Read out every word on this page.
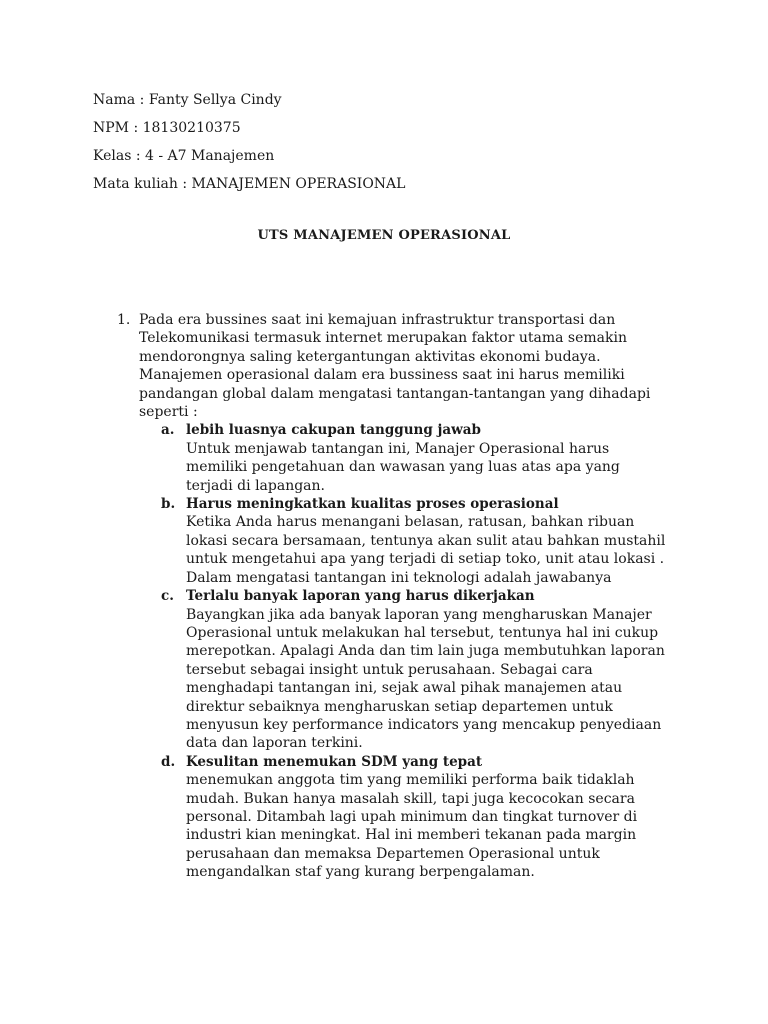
Nama : Fanty Sellya Cindy
NPM : 18130210375
Kelas : 4 - A7 Manajemen
Mata kuliah : MANAJEMEN OPERASIONAL
UTS MANAJEMEN OPERASIONAL
1. Pada era bussines saat ini kemajuan infrastruktur transportasi dan Telekomunikasi termasuk internet merupakan faktor utama semakin mendorongnya saling ketergantungan aktivitas ekonomi budaya. Manajemen operasional dalam era bussiness saat ini harus memiliki pandangan global dalam mengatasi tantangan-tantangan yang dihadapi seperti :
a. lebih luasnya cakupan tanggung jawab
Untuk menjawab tantangan ini, Manajer Operasional harus memiliki pengetahuan dan wawasan yang luas atas apa yang terjadi di lapangan.
b. Harus meningkatkan kualitas proses operasional
Ketika Anda harus menangani belasan, ratusan, bahkan ribuan lokasi secara bersamaan, tentunya akan sulit atau bahkan mustahil untuk mengetahui apa yang terjadi di setiap toko, unit atau lokasi . Dalam mengatasi tantangan ini teknologi adalah jawabanya
c. Terlalu banyak laporan yang harus dikerjakan
Bayangkan jika ada banyak laporan yang mengharuskan Manajer Operasional untuk melakukan hal tersebut, tentunya hal ini cukup merepotkan. Apalagi Anda dan tim lain juga membutuhkan laporan tersebut sebagai insight untuk perusahaan. Sebagai cara menghadapi tantangan ini, sejak awal pihak manajemen atau direktur sebaiknya mengharuskan setiap departemen untuk menyusun key performance indicators yang mencakup penyediaan data dan laporan terkini.
d. Kesulitan menemukan SDM yang tepat
menemukan anggota tim yang memiliki performa baik tidaklah mudah. Bukan hanya masalah skill, tapi juga kecocokan secara personal. Ditambah lagi upah minimum dan tingkat turnover di industri kian meningkat. Hal ini memberi tekanan pada margin perusahaan dan memaksa Departemen Operasional untuk mengandalkan staf yang kurang berpengalaman.
